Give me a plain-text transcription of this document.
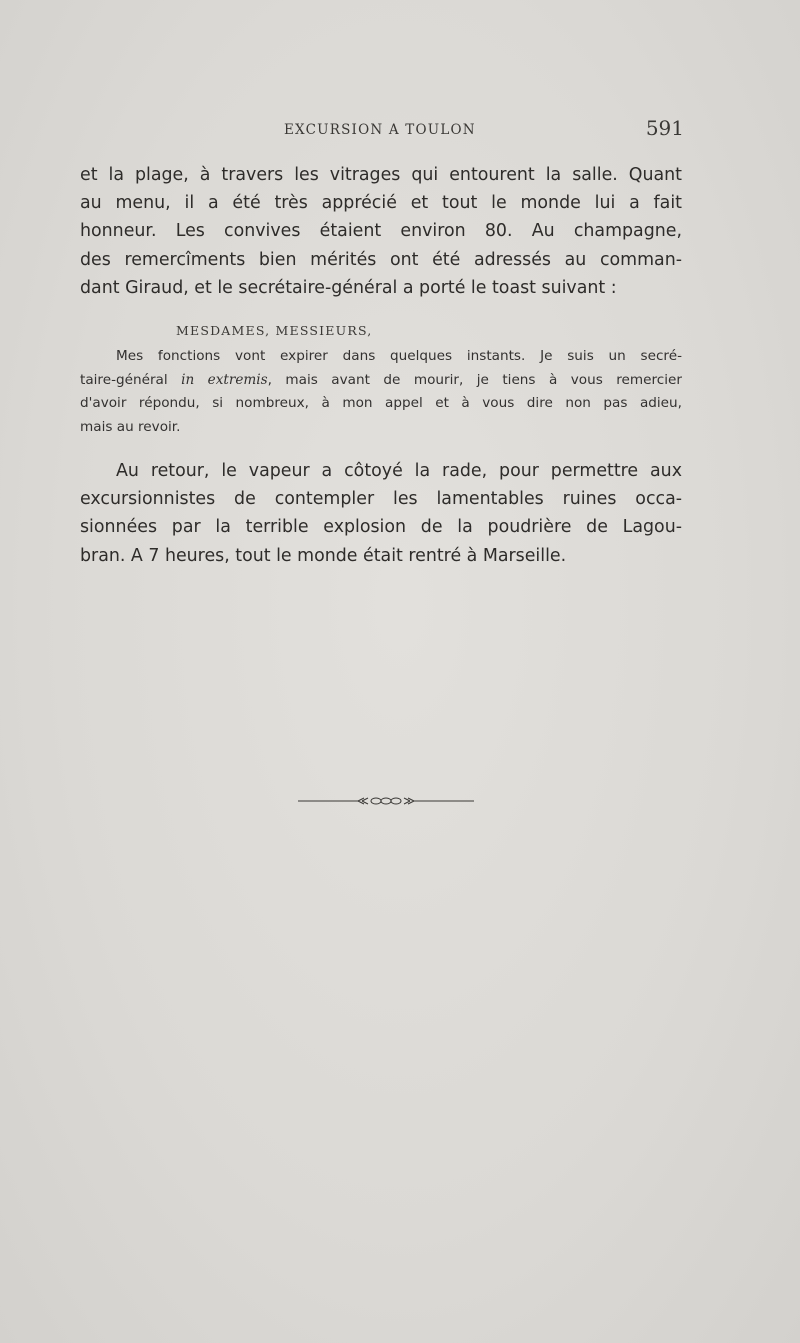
EXCURSION A TOULON	591

et la plage, à travers les vitrages qui entourent la salle. Quant
au menu, il a été très apprécié et tout le monde lui a fait
honneur. Les convives étaient environ 80. Au champagne,
des remercîments bien mérités ont été adressés au comman-
dant Giraud, et le secrétaire-général a porté le toast suivant :

MESDAMES, MESSIEURS,

Mes fonctions vont expirer dans quelques instants. Je suis un secré-
taire-général in extremis, mais avant de mourir, je tiens à vous remercier
d'avoir répondu, si nombreux, à mon appel et à vous dire non pas adieu,
mais au revoir.

Au retour, le vapeur a côtoyé la rade, pour permettre aux
excursionnistes de contempler les lamentables ruines occa-
sionnées par la terrible explosion de la poudrière de Lagou-
bran. A 7 heures, tout le monde était rentré à Marseille.
